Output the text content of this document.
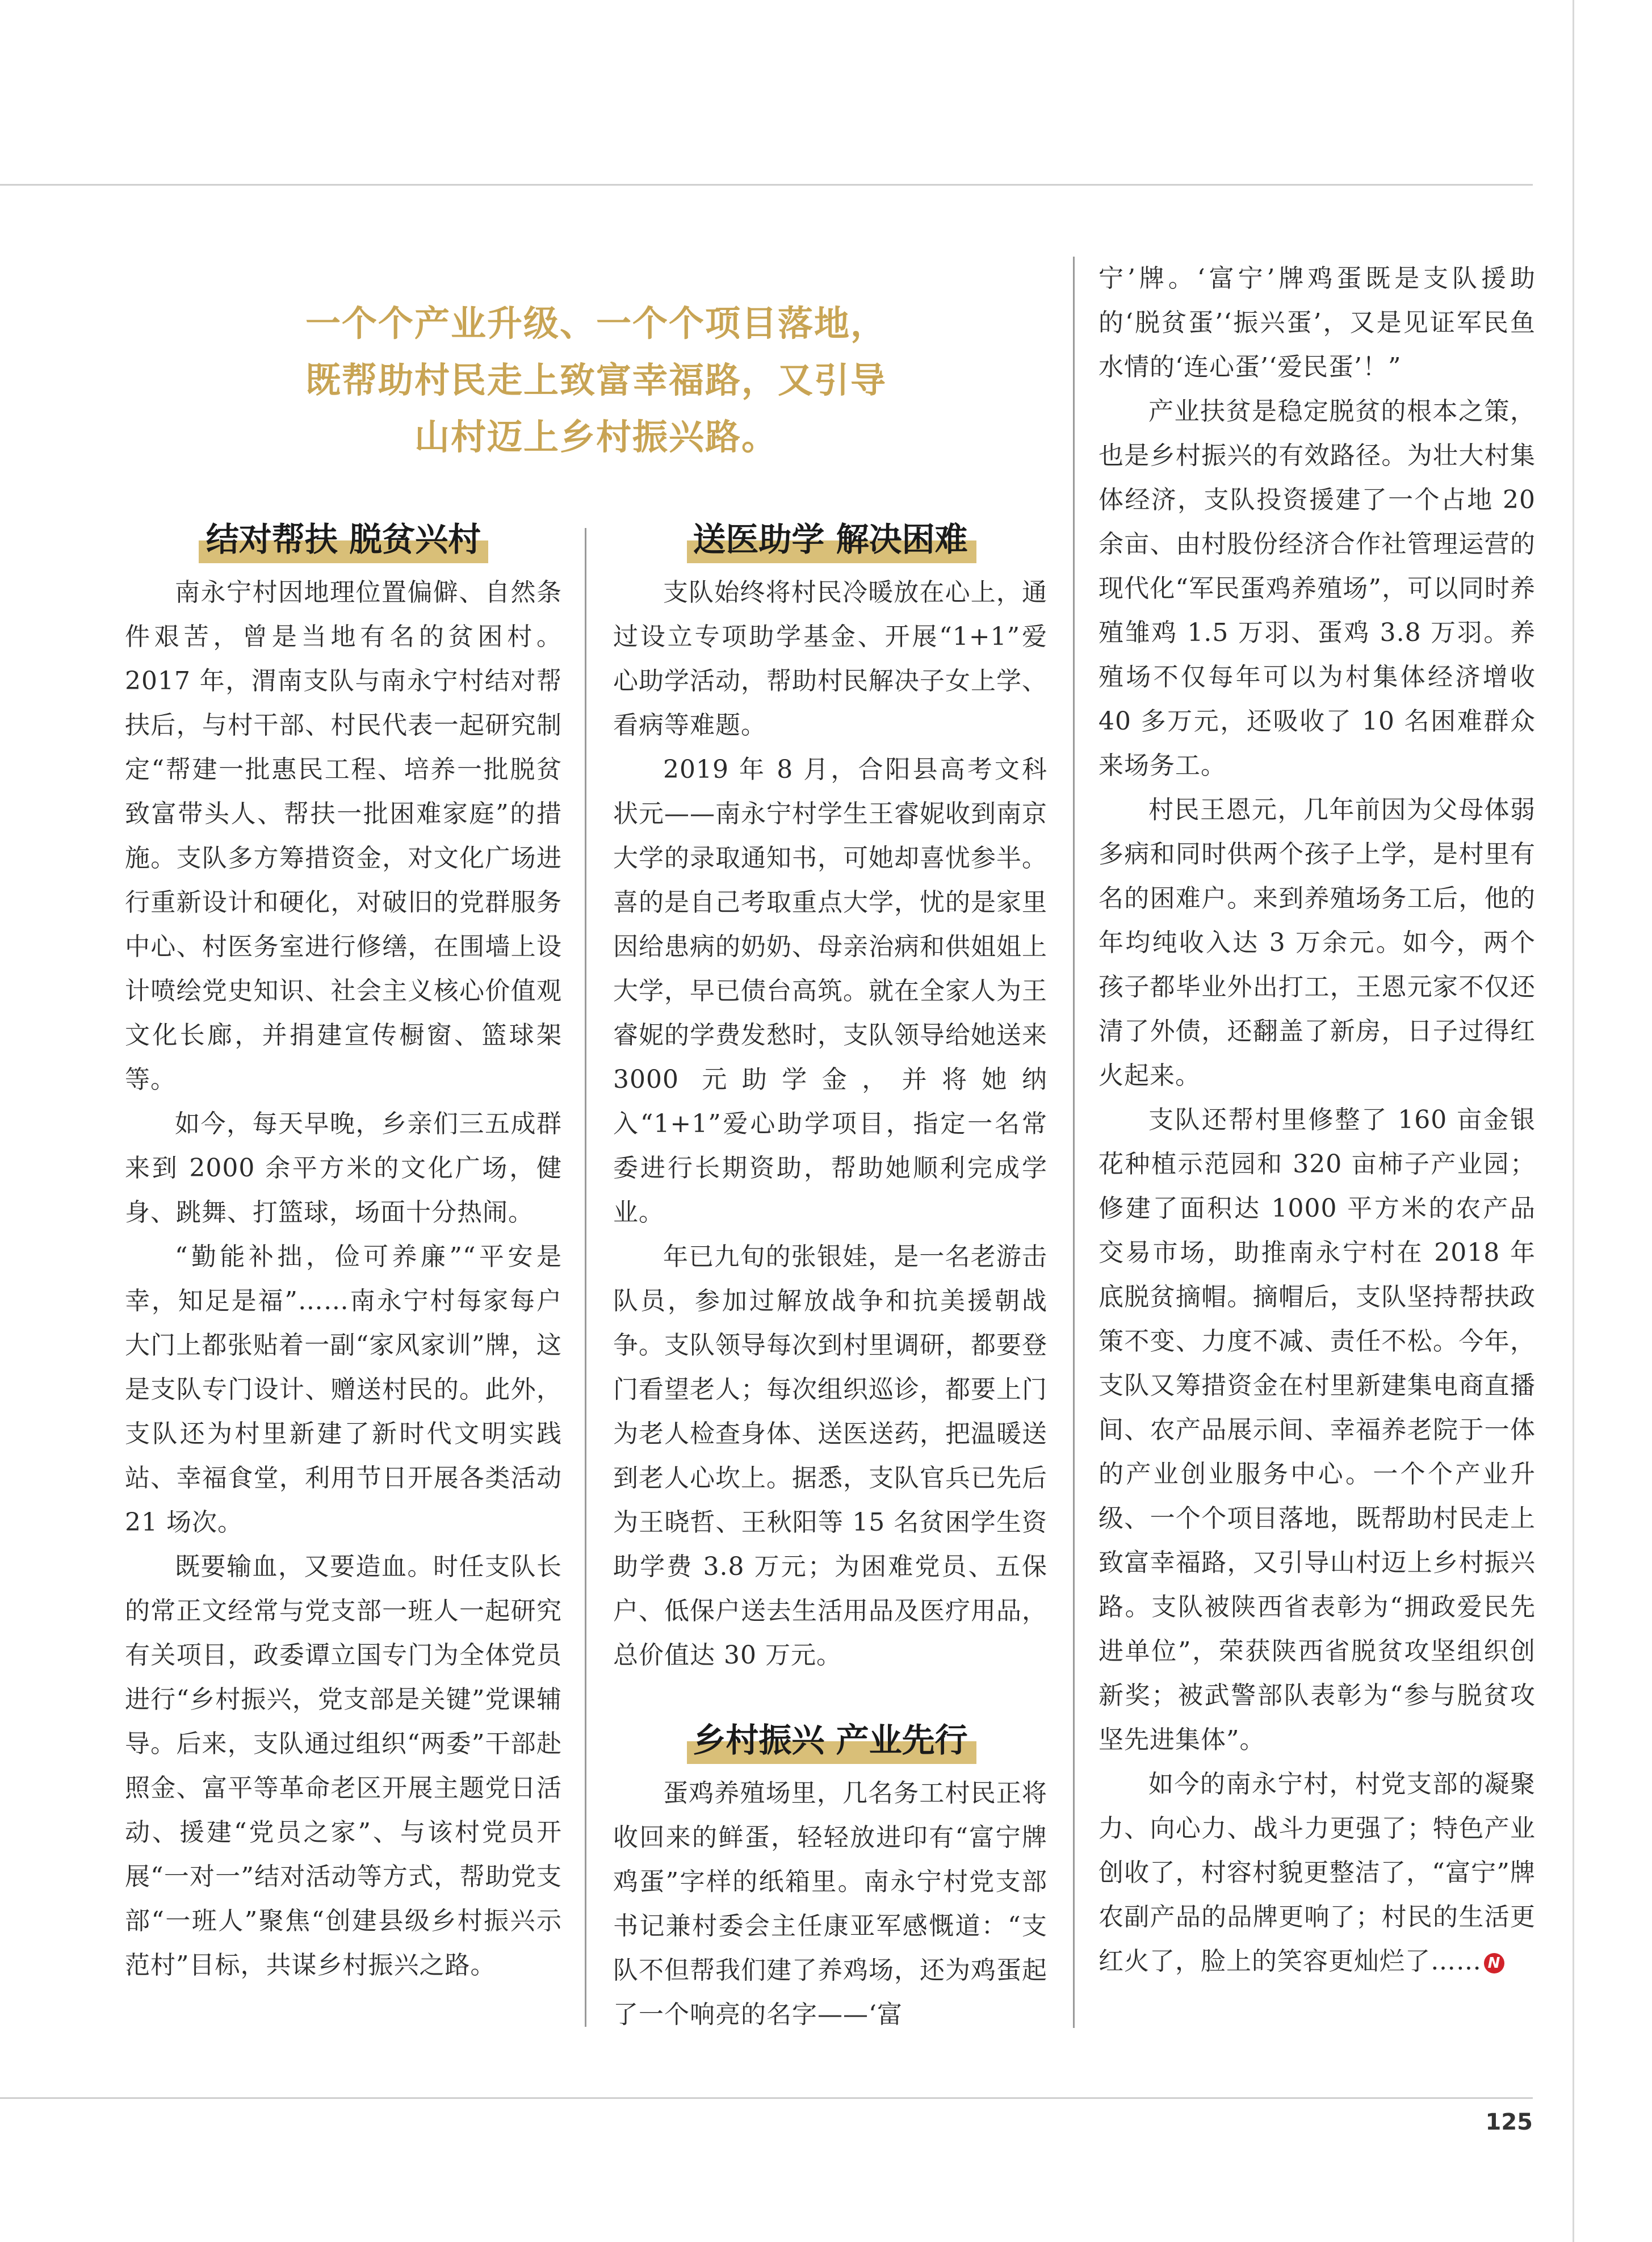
一个个产业升级、一个个项目落地，
既帮助村民走上致富幸福路，又引导
山村迈上乡村振兴路。
结对帮扶 脱贫兴村

南永宁村因地理位置偏僻、自然条件艰苦，曾是当地有名的贫困村。2017 年，渭南支队与南永宁村结对帮扶后，与村干部、村民代表一起研究制定“帮建一批惠民工程、培养一批脱贫致富带头人、帮扶一批困难家庭”的措施。支队多方筹措资金，对文化广场进行重新设计和硬化，对破旧的党群服务中心、村医务室进行修缮，在围墙上设计喷绘党史知识、社会主义核心价值观文化长廊，并捐建宣传橱窗、篮球架等。

如今，每天早晚，乡亲们三五成群来到 2000 余平方米的文化广场，健身、跳舞、打篮球，场面十分热闹。

“勤能补拙，俭可养廉”“平安是幸，知足是福”……南永宁村每家每户大门上都张贴着一副“家风家训”牌，这是支队专门设计、赠送村民的。此外，支队还为村里新建了新时代文明实践站、幸福食堂，利用节日开展各类活动 21 场次。

既要输血，又要造血。时任支队长的常正文经常与党支部一班人一起研究有关项目，政委谭立国专门为全体党员进行“乡村振兴，党支部是关键”党课辅导。后来，支队通过组织“两委”干部赴照金、富平等革命老区开展主题党日活动、援建“党员之家”、与该村党员开展“一对一”结对活动等方式，帮助党支部“一班人”聚焦“创建县级乡村振兴示范村”目标，共谋乡村振兴之路。

送医助学 解决困难

支队始终将村民冷暖放在心上，通过设立专项助学基金、开展“1+1”爱心助学活动，帮助村民解决子女上学、看病等难题。

2019 年 8 月，合阳县高考文科状元——南永宁村学生王睿妮收到南京大学的录取通知书，可她却喜忧参半。喜的是自己考取重点大学，忧的是家里因给患病的奶奶、母亲治病和供姐姐上大学，早已债台高筑。就在全家人为王睿妮的学费发愁时，支队领导给她送来 3000 元助学金，并将她纳入“1+1”爱心助学项目，指定一名常委进行长期资助，帮助她顺利完成学业。

年已九旬的张银娃，是一名老游击队员，参加过解放战争和抗美援朝战争。支队领导每次到村里调研，都要登门看望老人；每次组织巡诊，都要上门为老人检查身体、送医送药，把温暖送到老人心坎上。据悉，支队官兵已先后为王晓哲、王秋阳等 15 名贫困学生资助学费 3.8 万元；为困难党员、五保户、低保户送去生活用品及医疗用品，总价值达 30 万元。

乡村振兴 产业先行

蛋鸡养殖场里，几名务工村民正将收回来的鲜蛋，轻轻放进印有“富宁牌鸡蛋”字样的纸箱里。南永宁村党支部书记兼村委会主任康亚军感慨道：“支队不但帮我们建了养鸡场，还为鸡蛋起了一个响亮的名字——‘富

宁’牌。‘富宁’牌鸡蛋既是支队援助的‘脱贫蛋’‘振兴蛋’，又是见证军民鱼水情的‘连心蛋’‘爱民蛋’！”

产业扶贫是稳定脱贫的根本之策，也是乡村振兴的有效路径。为壮大村集体经济，支队投资援建了一个占地 20 余亩、由村股份经济合作社管理运营的现代化“军民蛋鸡养殖场”，可以同时养殖雏鸡 1.5 万羽、蛋鸡 3.8 万羽。养殖场不仅每年可以为村集体经济增收 40 多万元，还吸收了 10 名困难群众来场务工。

村民王恩元，几年前因为父母体弱多病和同时供两个孩子上学，是村里有名的困难户。来到养殖场务工后，他的年均纯收入达 3 万余元。如今，两个孩子都毕业外出打工，王恩元家不仅还清了外债，还翻盖了新房，日子过得红火起来。

支队还帮村里修整了 160 亩金银花种植示范园和 320 亩柿子产业园；修建了面积达 1000 平方米的农产品交易市场，助推南永宁村在 2018 年底脱贫摘帽。摘帽后，支队坚持帮扶政策不变、力度不减、责任不松。今年，支队又筹措资金在村里新建集电商直播间、农产品展示间、幸福养老院于一体的产业创业服务中心。一个个产业升级、一个个项目落地，既帮助村民走上致富幸福路，又引导山村迈上乡村振兴路。支队被陕西省表彰为“拥政爱民先进单位”，荣获陕西省脱贫攻坚组织创新奖；被武警部队表彰为“参与脱贫攻坚先进集体”。

如今的南永宁村，村党支部的凝聚力、向心力、战斗力更强了；特色产业创收了，村容村貌更整洁了，“富宁”牌农副产品的品牌更响了；村民的生活更红火了，脸上的笑容更灿烂了…… N

125
